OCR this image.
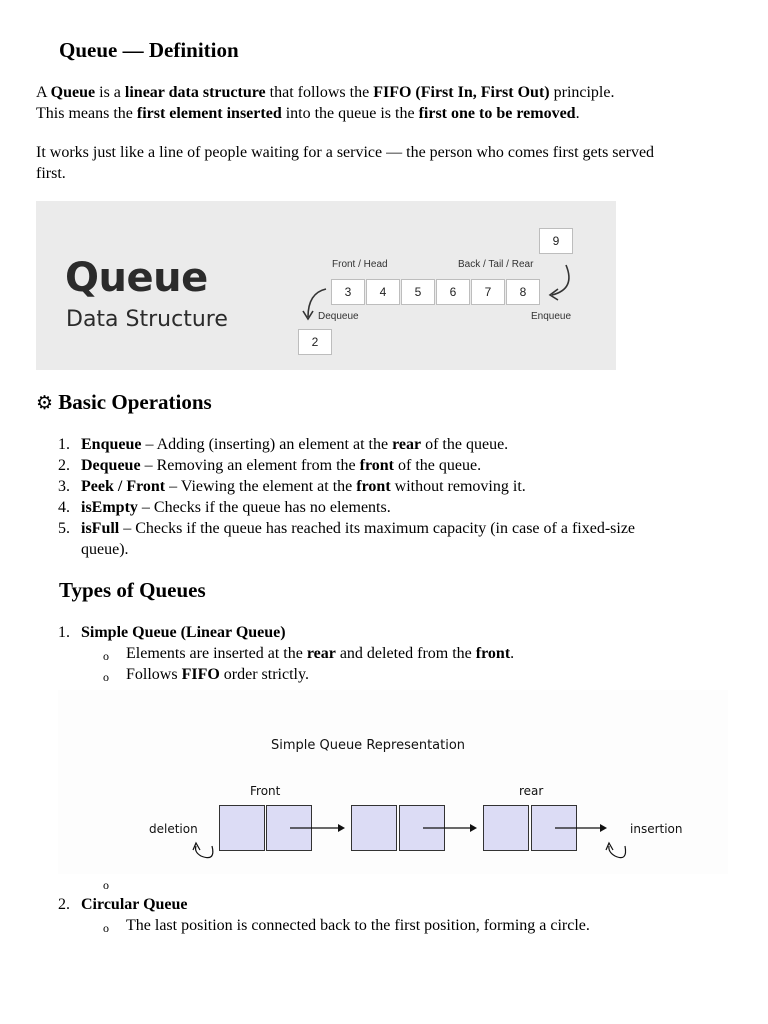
Queue — Definition
A Queue is a linear data structure that follows the FIFO (First In, First Out) principle.
This means the first element inserted into the queue is the first one to be removed.
It works just like a line of people waiting for a service — the person who comes first gets served
first.
Queue
Data Structure
Front / Head	Back / Tail / Rear
3	4	5	6	7	8
9
2
Dequeue	Enqueue
⚙ Basic Operations
1. Enqueue – Adding (inserting) an element at the rear of the queue.
2. Dequeue – Removing an element from the front of the queue.
3. Peek / Front – Viewing the element at the front without removing it.
4. isEmpty – Checks if the queue has no elements.
5. isFull – Checks if the queue has reached its maximum capacity (in case of a fixed-size
queue).
Types of Queues
1. Simple Queue (Linear Queue)
o Elements are inserted at the rear and deleted from the front.
o Follows FIFO order strictly.
Simple Queue Representation
Front	rear
deletion	insertion
o
2. Circular Queue
o The last position is connected back to the first position, forming a circle.
